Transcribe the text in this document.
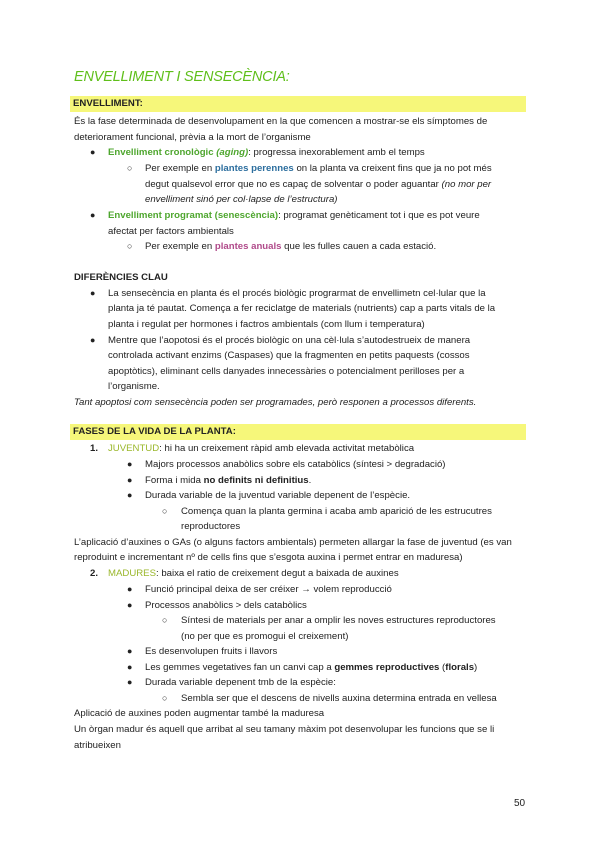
ENVELLIMENT I SENSECÈNCIA:
ENVELLIMENT:
És la fase determinada de desenvolupament en la que comencen a mostrar-se els símptomes de
deteriorament funcional, prèvia a la mort de l’organisme
● Envelliment cronològic (aging): progressa inexorablement amb el temps
○ Per exemple en plantes perennes on la planta va creixent fins que ja no pot més
degut qualsevol error que no es capaç de solventar o poder aguantar (no mor per
envelliment sinó per col·lapse de l’estructura)
● Envelliment programat (senescència): programat genèticament tot i que es pot veure
afectat per factors ambientals
○ Per exemple en plantes anuals que les fulles cauen a cada estació.
DIFERÈNCIES CLAU
● La sensecència en planta és el procés biològic prograrmat de envellimetn cel·lular que la
planta ja té pautat. Comença a fer reciclatge de materials (nutrients) cap a parts vitals de la
planta i regulat per hormones i factros ambientals (com llum i temperatura)
● Mentre que l’aopotosi és el procés biològic on una cèl·lula s’autodestrueix de manera
controlada activant enzims (Caspases) que la fragmenten en petits paquests (cossos
apoptòtics), eliminant cells danyades innecessàries o potencialment perilloses per a
l’organisme.
Tant apoptosi com sensecència poden ser programades, però responen a processos diferents.
FASES DE LA VIDA DE LA PLANTA:
1. JUVENTUD: hi ha un creixement ràpid amb elevada activitat metabòlica
● Majors processos anabòlics sobre els catabòlics (síntesi > degradació)
● Forma i mida no definits ni definitius.
● Durada variable de la juventud variable depenent de l’espècie.
○ Comença quan la planta germina i acaba amb aparició de les estrucutres
reproductores
L’aplicació d’auxines o GAs (o alguns factors ambientals) permeten allargar la fase de juventud (es van
reproduint e incrementant nº de cells fins que s’esgota auxina i permet entrar en maduresa)
2. MADURES: baixa el ratio de creixement degut a baixada de auxines
● Funció principal deixa de ser créixer → volem reproducció
● Processos anabòlics > dels catabòlics
○ Síntesi de materials per anar a omplir les noves estructures reproductores
(no per que es promogui el creixement)
● Es desenvolupen fruits i llavors
● Les gemmes vegetatives fan un canvi cap a gemmes reproductives (florals)
● Durada variable depenent tmb de la espècie:
○ Sembla ser que el descens de nivells auxina determina entrada en vellesa
Aplicació de auxines poden augmentar també la maduresa
Un òrgan madur és aquell que arribat al seu tamany màxim pot desenvolupar les funcions que se li
atribueixen
50
